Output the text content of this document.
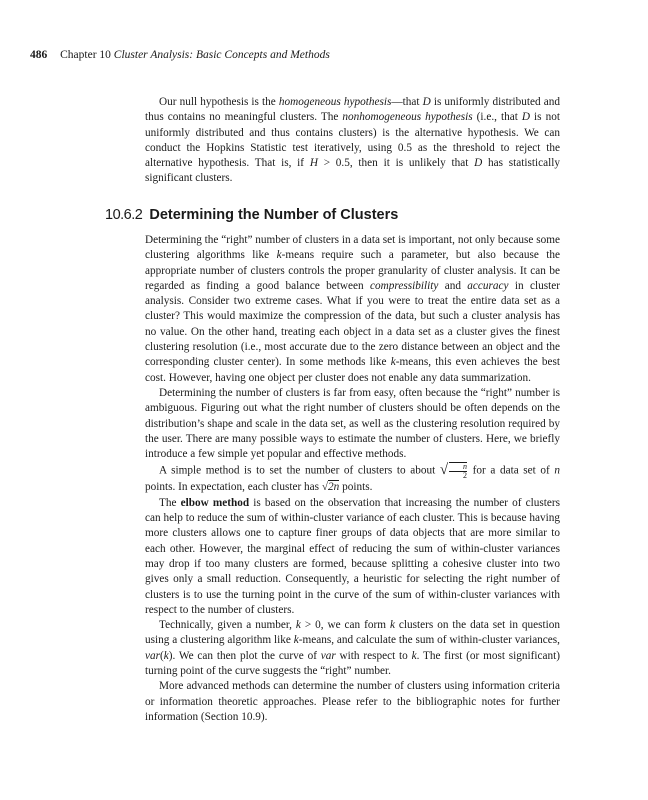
486 Chapter 10 Cluster Analysis: Basic Concepts and Methods

Our null hypothesis is the homogeneous hypothesis—that D is uniformly distributed and thus contains no meaningful clusters. The nonhomogeneous hypothesis (i.e., that D is not uniformly distributed and thus contains clusters) is the alternative hypothesis. We can conduct the Hopkins Statistic test iteratively, using 0.5 as the threshold to reject the alternative hypothesis. That is, if H > 0.5, then it is unlikely that D has statistically significant clusters.

10.6.2 Determining the Number of Clusters

Determining the “right” number of clusters in a data set is important, not only because some clustering algorithms like k-means require such a parameter, but also because the appropriate number of clusters controls the proper granularity of cluster analysis. It can be regarded as finding a good balance between compressibility and accuracy in cluster analysis. Consider two extreme cases. What if you were to treat the entire data set as a cluster? This would maximize the compression of the data, but such a cluster analysis has no value. On the other hand, treating each object in a data set as a cluster gives the finest clustering resolution (i.e., most accurate due to the zero distance between an object and the corresponding cluster center). In some methods like k-means, this even achieves the best cost. However, having one object per cluster does not enable any data summarization.

Determining the number of clusters is far from easy, often because the “right” number is ambiguous. Figuring out what the right number of clusters should be often depends on the distribution’s shape and scale in the data set, as well as the clustering resolution required by the user. There are many possible ways to estimate the number of clusters. Here, we briefly introduce a few simple yet popular and effective methods.

A simple method is to set the number of clusters to about √ $\frac{n}{2}$ for a data set of n points. In expectation, each cluster has √2n points.

The elbow method is based on the observation that increasing the number of clusters can help to reduce the sum of within-cluster variance of each cluster. This is because having more clusters allows one to capture finer groups of data objects that are more similar to each other. However, the marginal effect of reducing the sum of within-cluster variances may drop if too many clusters are formed, because splitting a cohesive cluster into two gives only a small reduction. Consequently, a heuristic for selecting the right number of clusters is to use the turning point in the curve of the sum of within-cluster variances with respect to the number of clusters.

Technically, given a number, k > 0, we can form k clusters on the data set in question using a clustering algorithm like k-means, and calculate the sum of within-cluster variances, var(k). We can then plot the curve of var with respect to k. The first (or most significant) turning point of the curve suggests the “right” number.

More advanced methods can determine the number of clusters using information criteria or information theoretic approaches. Please refer to the bibliographic notes for further information (Section 10.9).
